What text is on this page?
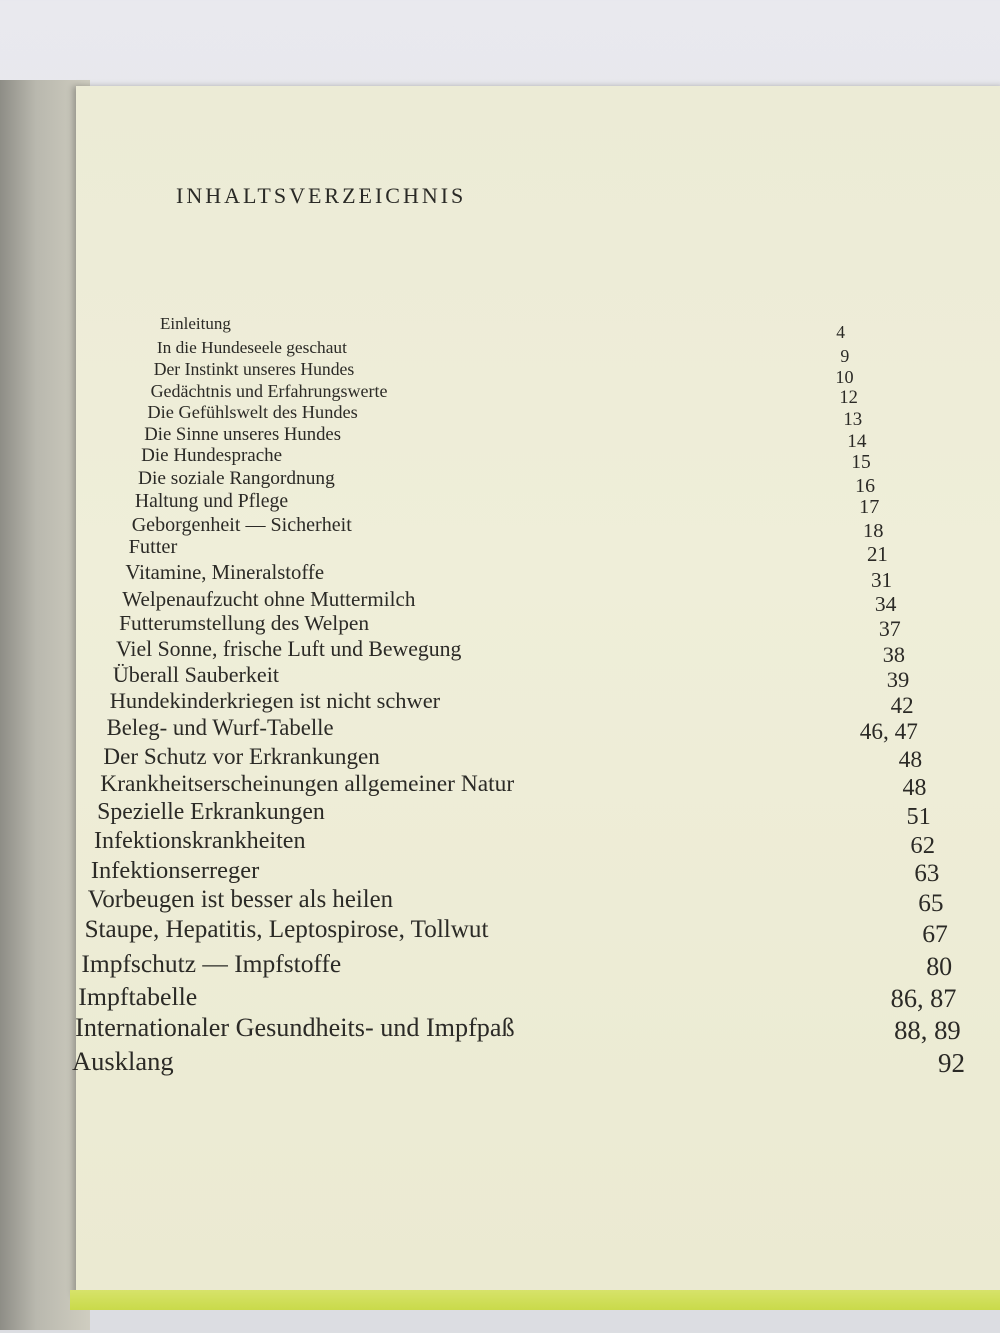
INHALTSVERZEICHNIS
Einleitung	4
In die Hundeseele geschaut	9
Der Instinkt unseres Hundes	10
Gedächtnis und Erfahrungswerte	12
Die Gefühlswelt des Hundes	13
Die Sinne unseres Hundes	14
Die Hundesprache	15
Die soziale Rangordnung	16
Haltung und Pflege	17
Geborgenheit — Sicherheit	18
Futter	21
Vitamine, Mineralstoffe	31
Welpenaufzucht ohne Muttermilch	34
Futterumstellung des Welpen	37
Viel Sonne, frische Luft und Bewegung	38
Überall Sauberkeit	39
Hundekinderkriegen ist nicht schwer	42
Beleg- und Wurf-Tabelle	46, 47
Der Schutz vor Erkrankungen	48
Krankheitserscheinungen allgemeiner Natur	48
Spezielle Erkrankungen	51
Infektionskrankheiten	62
Infektionserreger	63
Vorbeugen ist besser als heilen	65
Staupe, Hepatitis, Leptospirose, Tollwut	67
Impfschutz — Impfstoffe	80
Impftabelle	86, 87
Internationaler Gesundheits- und Impfpaß	88, 89
Ausklang	92
